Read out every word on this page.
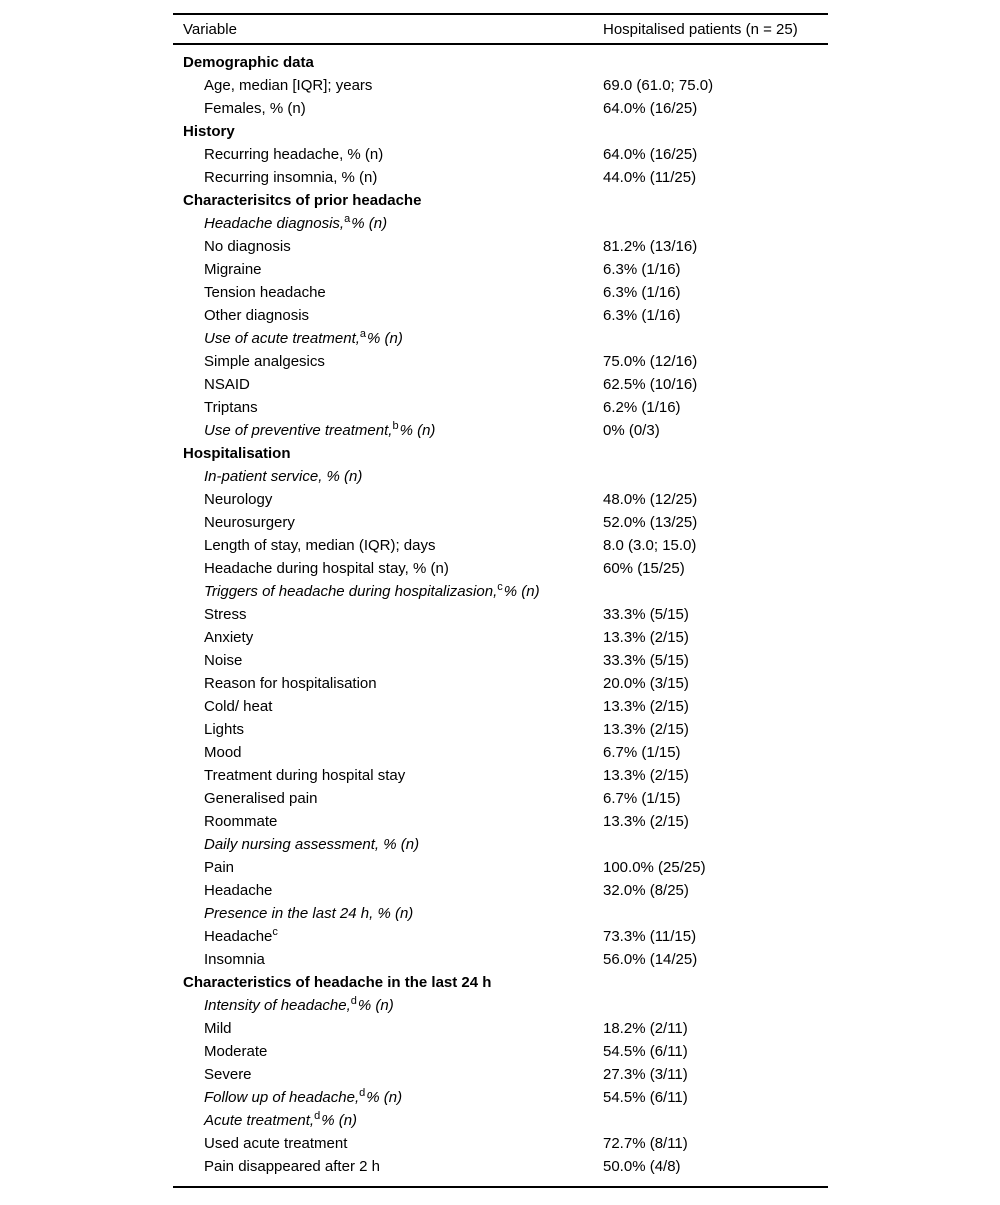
Variable	Hospitalised patients (n = 25)
Demographic data
Age, median [IQR]; years	69.0 (61.0; 75.0)
Females, % (n)	64.0% (16/25)
History
Recurring headache, % (n)	64.0% (16/25)
Recurring insomnia, % (n)	44.0% (11/25)
Characterisitcs of prior headache
Headache diagnosis,$^a$% (n)
No diagnosis	81.2% (13/16)
Migraine	6.3% (1/16)
Tension headache	6.3% (1/16)
Other diagnosis	6.3% (1/16)
Use of acute treatment,$^a$% (n)
Simple analgesics	75.0% (12/16)
NSAID	62.5% (10/16)
Triptans	6.2% (1/16)
Use of preventive treatment,$^b$% (n)	0% (0/3)
Hospitalisation
In-patient service, % (n)
Neurology	48.0% (12/25)
Neurosurgery	52.0% (13/25)
Length of stay, median (IQR); days	8.0 (3.0; 15.0)
Headache during hospital stay, % (n)	60% (15/25)
Triggers of headache during hospitalizasion,$^c$% (n)
Stress	33.3% (5/15)
Anxiety	13.3% (2/15)
Noise	33.3% (5/15)
Reason for hospitalisation	20.0% (3/15)
Cold/ heat	13.3% (2/15)
Lights	13.3% (2/15)
Mood	6.7% (1/15)
Treatment during hospital stay	13.3% (2/15)
Generalised pain	6.7% (1/15)
Roommate	13.3% (2/15)
Daily nursing assessment, % (n)
Pain	100.0% (25/25)
Headache	32.0% (8/25)
Presence in the last 24 h, % (n)
Headache$^c$	73.3% (11/15)
Insomnia	56.0% (14/25)
Characteristics of headache in the last 24 h
Intensity of headache,$^d$% (n)
Mild	18.2% (2/11)
Moderate	54.5% (6/11)
Severe	27.3% (3/11)
Follow up of headache,$^d$% (n)	54.5% (6/11)
Acute treatment,$^d$% (n)
Used acute treatment	72.7% (8/11)
Pain disappeared after 2 h	50.0% (4/8)
